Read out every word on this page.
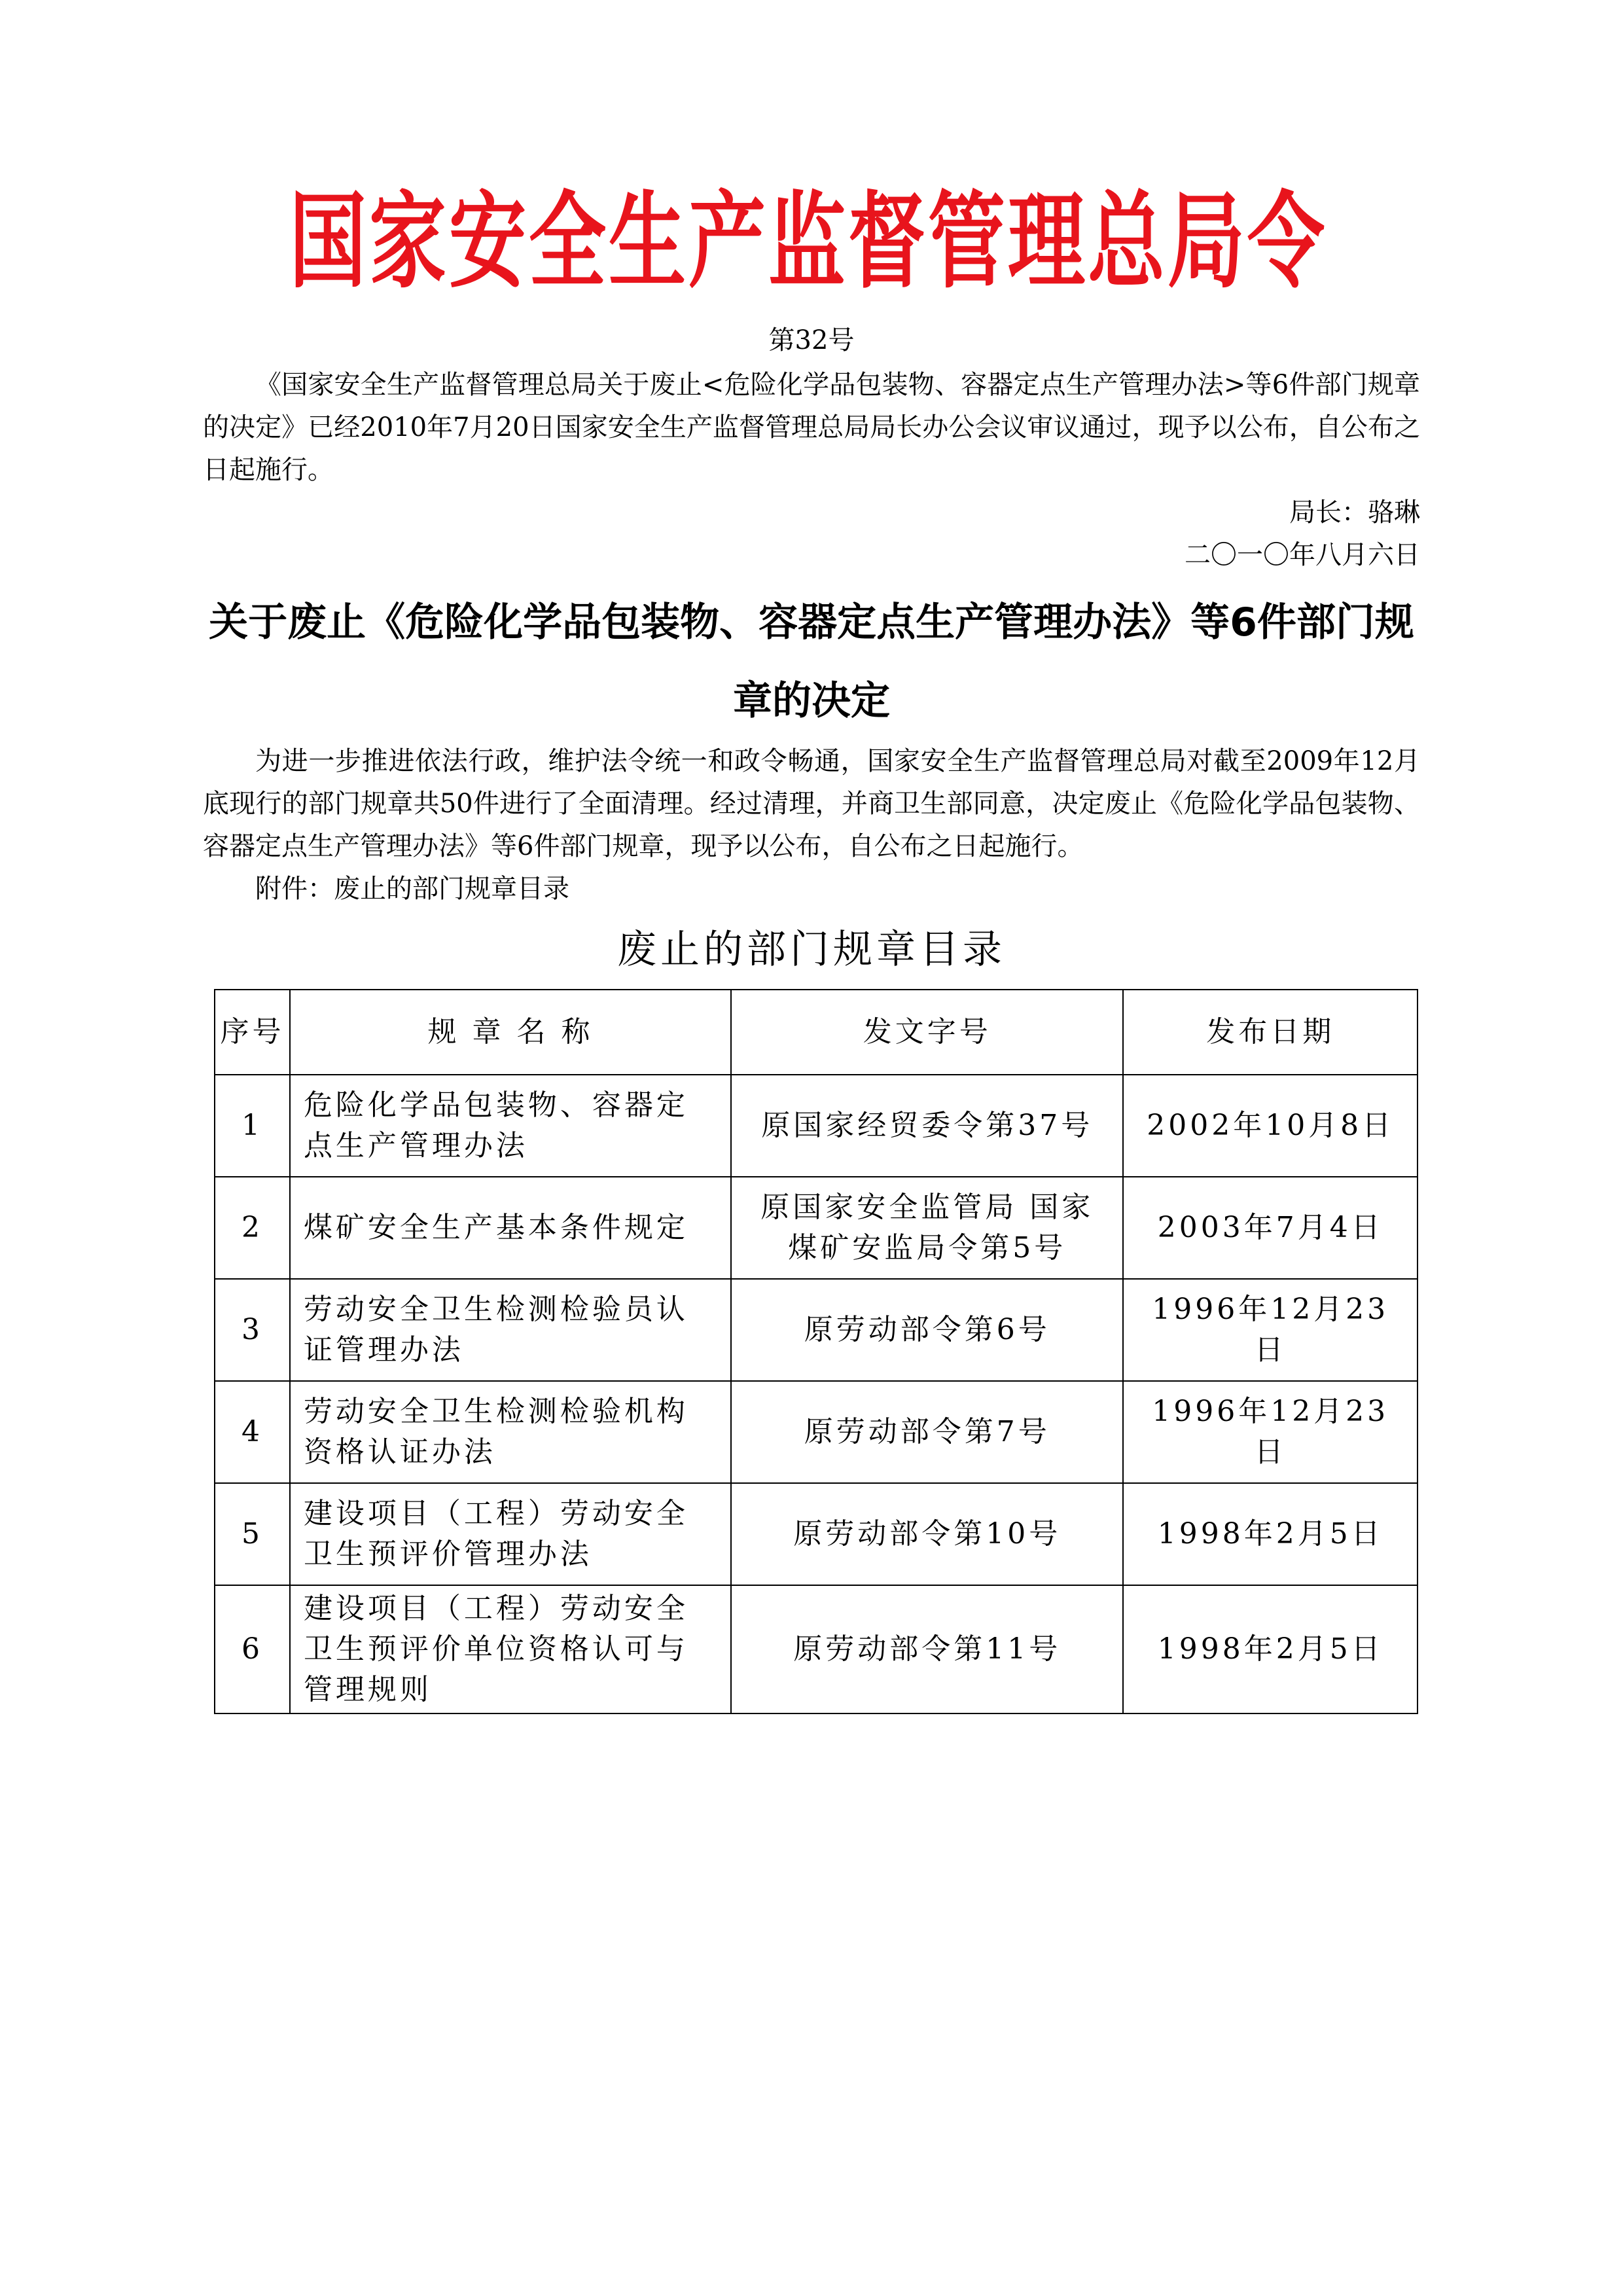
国家安全生产监督管理总局令
第32号
《国家安全生产监督管理总局关于废止<危险化学品包装物、容器定点生产管理办法>等6件部门规章的决定》已经2010年7月20日国家安全生产监督管理总局局长办公会议审议通过，现予以公布，自公布之日起施行。
局长：骆琳
二〇一〇年八月六日
关于废止《危险化学品包装物、容器定点生产管理办法》等6件部门规章的决定
为进一步推进依法行政，维护法令统一和政令畅通，国家安全生产监督管理总局对截至2009年12月底现行的部门规章共50件进行了全面清理。经过清理，并商卫生部同意，决定废止《危险化学品包装物、容器定点生产管理办法》等6件部门规章，现予以公布，自公布之日起施行。
附件：废止的部门规章目录
废止的部门规章目录
序号	规 章 名 称	发文字号	发布日期
1	危险化学品包装物、容器定点生产管理办法	原国家经贸委令第37号	2002年10月8日
2	煤矿安全生产基本条件规定	原国家安全监管局 国家煤矿安监局令第5号	2003年7月4日
3	劳动安全卫生检测检验员认证管理办法	原劳动部令第6号	1996年12月23日
4	劳动安全卫生检测检验机构资格认证办法	原劳动部令第7号	1996年12月23日
5	建设项目（工程）劳动安全卫生预评价管理办法	原劳动部令第10号	1998年2月5日
6	建设项目（工程）劳动安全卫生预评价单位资格认可与管理规则	原劳动部令第11号	1998年2月5日
